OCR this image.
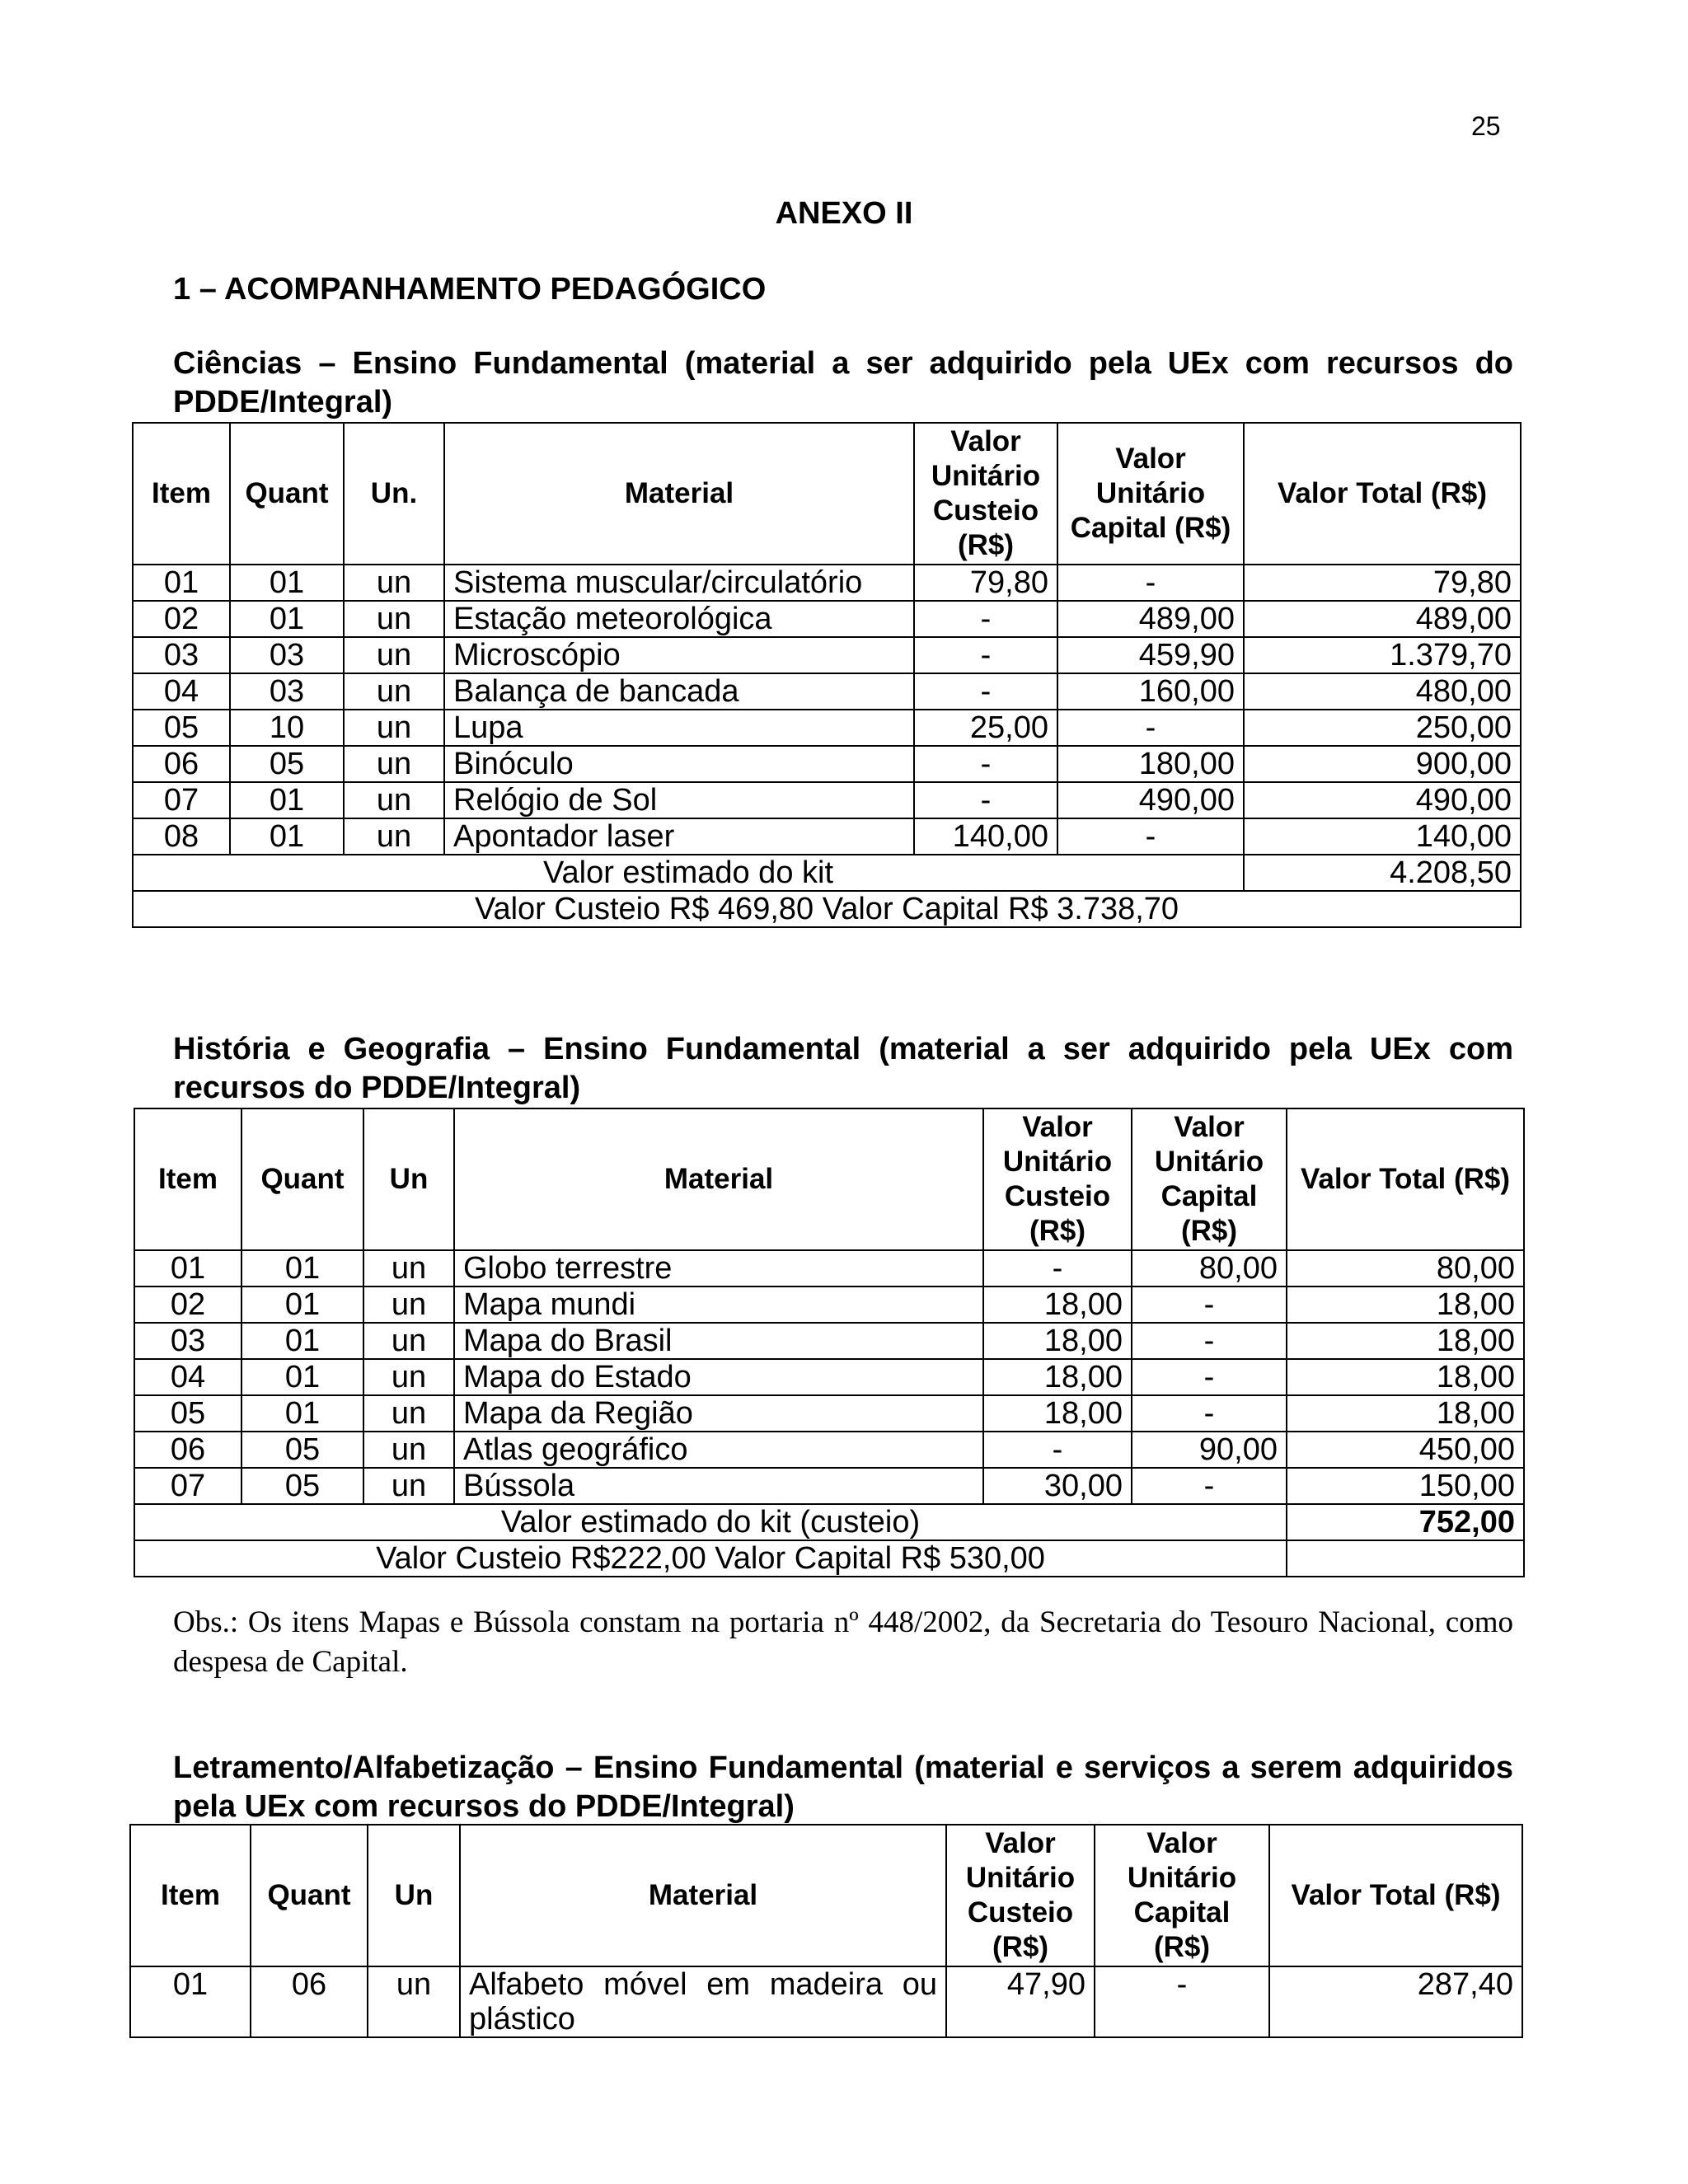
25
ANEXO II
1 – ACOMPANHAMENTO PEDAGÓGICO
Ciências – Ensino Fundamental (material a ser adquirido pela UEx com recursos do PDDE/Integral)
Item	Quant	Un.	Material	Valor Unitário Custeio (R$)	Valor Unitário Capital (R$)	Valor Total (R$)
01	01	un	Sistema muscular/circulatório	79,80	-	79,80
02	01	un	Estação meteorológica	-	489,00	489,00
03	03	un	Microscópio	-	459,90	1.379,70
04	03	un	Balança de bancada	-	160,00	480,00
05	10	un	Lupa	25,00	-	250,00
06	05	un	Binóculo	-	180,00	900,00
07	01	un	Relógio de Sol	-	490,00	490,00
08	01	un	Apontador laser	140,00	-	140,00
Valor estimado do kit						4.208,50
Valor Custeio R$ 469,80 Valor Capital R$ 3.738,70						
História e Geografia – Ensino Fundamental (material a ser adquirido pela UEx com recursos do PDDE/Integral)
Item	Quant	Un	Material	Valor Unitário Custeio (R$)	Valor Unitário Capital (R$)	Valor Total (R$)
01	01	un	Globo terrestre	-	80,00	80,00
02	01	un	Mapa mundi	18,00	-	18,00
03	01	un	Mapa do Brasil	18,00	-	18,00
04	01	un	Mapa do Estado	18,00	-	18,00
05	01	un	Mapa da Região	18,00	-	18,00
06	05	un	Atlas geográfico	-	90,00	450,00
07	05	un	Bússola	30,00	-	150,00
Valor estimado do kit (custeio)						752,00
Valor Custeio R$222,00 Valor Capital R$ 530,00						
Obs.: Os itens Mapas e Bússola constam na portaria nº 448/2002, da Secretaria do Tesouro Nacional, como despesa de Capital.
Letramento/Alfabetização – Ensino Fundamental (material e serviços a serem adquiridos pela UEx com recursos do PDDE/Integral)
Item	Quant	Un	Material	Valor Unitário Custeio (R$)	Valor Unitário Capital (R$)	Valor Total (R$)
01	06	un	Alfabeto móvel em madeira ou plástico	47,90	-	287,40
